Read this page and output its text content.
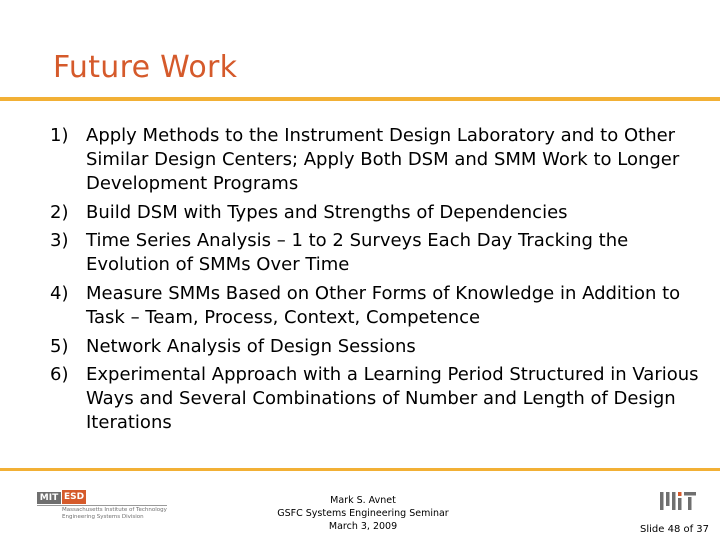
Future Work
1) Apply Methods to the Instrument Design Laboratory and to Other Similar Design Centers; Apply Both DSM and SMM Work to Longer Development Programs
2) Build DSM with Types and Strengths of Dependencies
3) Time Series Analysis – 1 to 2 Surveys Each Day Tracking the Evolution of SMMs Over Time
4) Measure SMMs Based on Other Forms of Knowledge in Addition to Task – Team, Process, Context, Competence
5) Network Analysis of Design Sessions
6) Experimental Approach with a Learning Period Structured in Various Ways and Several Combinations of Number and Length of Design Iterations
MIT ESD
Massachusetts Institute of Technology
Engineering Systems Division
Mark S. Avnet
GSFC Systems Engineering Seminar
March 3, 2009	Slide 48 of 37
